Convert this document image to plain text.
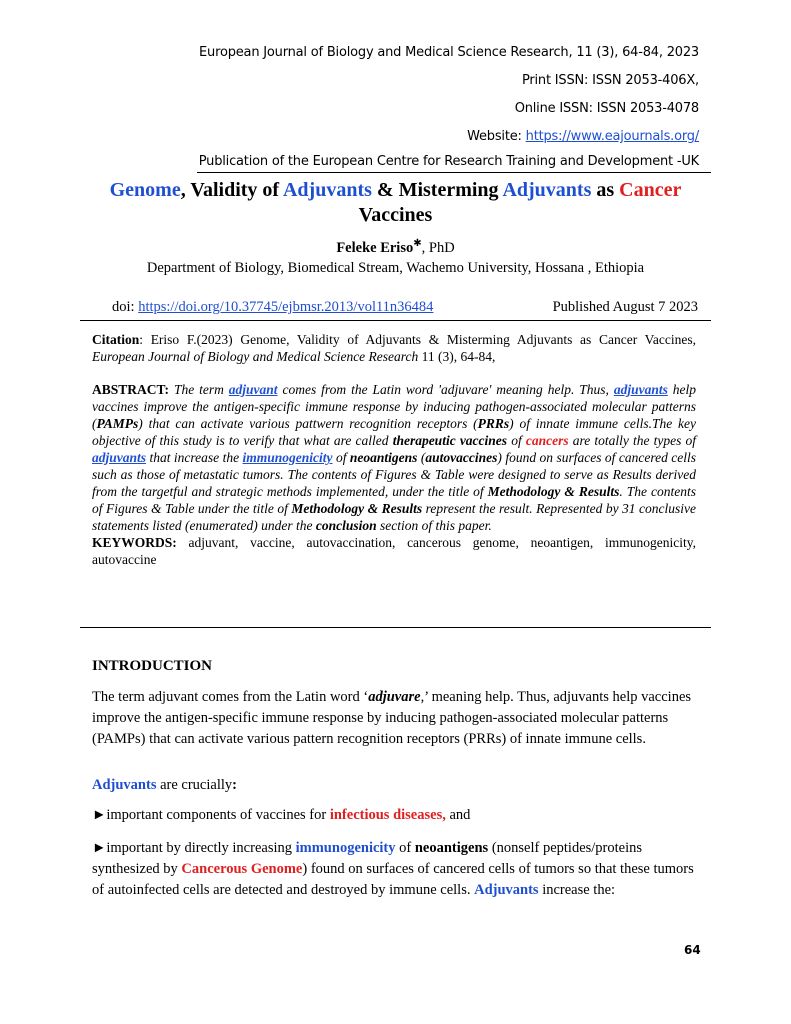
European Journal of Biology and Medical Science Research, 11 (3), 64-84, 2023
Print ISSN: ISSN 2053-406X,
Online ISSN: ISSN 2053-4078
Website: https://www.eajournals.org/
Publication of the European Centre for Research Training and Development -UK
Genome, Validity of Adjuvants & Misterming Adjuvants as Cancer
Vaccines
Feleke Eriso✱, PhD
Department of Biology, Biomedical Stream, Wachemo University, Hossana , Ethiopia
doi: https://doi.org/10.37745/ejbmsr.2013/vol11n36484	Published August 7 2023
Citation: Eriso F.(2023) Genome, Validity of Adjuvants & Misterming Adjuvants as Cancer Vaccines, European Journal of Biology and Medical Science Research 11 (3), 64-84,
ABSTRACT: The term adjuvant comes from the Latin word 'adjuvare' meaning help. Thus, adjuvants help vaccines improve the antigen-specific immune response by inducing pathogen-associated molecular patterns (PAMPs) that can activate various pattwern recognition receptors (PRRs) of innate immune cells.The key objective of this study is to verify that what are called therapeutic vaccines of cancers are totally the types of adjuvants that increase the immunogenicity of neoantigens (autovaccines) found on surfaces of cancered cells such as those of metastatic tumors. The contents of Figures & Table were designed to serve as Results derived from the targetful and strategic methods implemented, under the title of Methodology & Results. The contents of Figures & Table under the title of Methodology & Results represent the result. Represented by 31 conclusive statements listed (enumerated) under the conclusion section of this paper.
KEYWORDS: adjuvant, vaccine, autovaccination, cancerous genome, neoantigen, immunogenicity, autovaccine
INTRODUCTION
The term adjuvant comes from the Latin word ‘adjuvare,’ meaning help. Thus, adjuvants help vaccines improve the antigen-specific immune response by inducing pathogen-associated molecular patterns (PAMPs) that can activate various pattern recognition receptors (PRRs) of innate immune cells.
Adjuvants are crucially:
►important components of vaccines for infectious diseases, and
►important by directly increasing immunogenicity of neoantigens (nonself peptides/proteins synthesized by Cancerous Genome) found on surfaces of cancered cells of tumors so that these tumors of autoinfected cells are detected and destroyed by immune cells. Adjuvants increase the:
64
